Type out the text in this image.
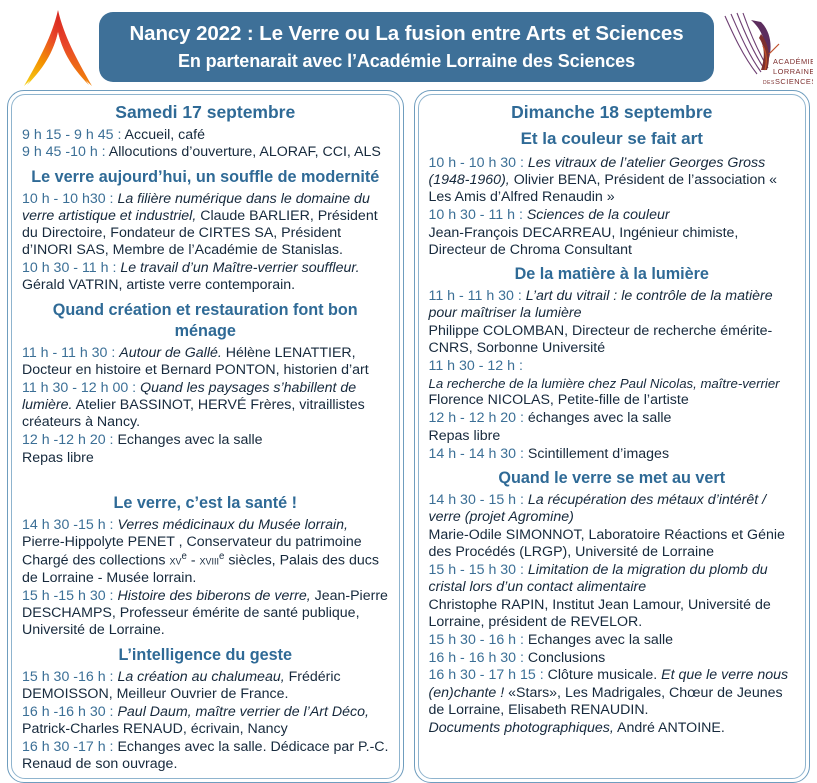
Nancy 2022 : Le Verre ou La fusion entre Arts et Sciences
En partenarait avec l’Académie Lorraine des Sciences	ACADÉMIE
LORRAINE
DES SCIENCES
Samedi 17 septembre
9 h 15 - 9 h 45 : Accueil, café
9 h 45 -10 h : Allocutions d’ouverture, ALORAF, CCI, ALS
Le verre aujourd’hui, un souffle de modernité
10 h - 10 h30 : La filière numérique dans le domaine du verre artistique et industriel, Claude BARLIER, Président du Directoire, Fondateur de CIRTES SA, Président d’INORI SAS, Membre de l’Académie de Stanislas.
10 h 30 - 11 h : Le travail d’un Maître-verrier souffleur. Gérald VATRIN, artiste verre contemporain.
Quand création et restauration font bon ménage
11 h - 11 h 30 : Autour de Gallé. Hélène LENATTIER, Docteur en histoire et Bernard PONTON, historien d’art
11 h 30 - 12 h 00 : Quand les paysages s’habillent de lumière. Atelier BASSINOT, HERVÉ Frères, vitraillistes créateurs à Nancy.
12 h -12 h 20 : Echanges avec la salle
Repas libre
Le verre, c’est la santé !
14 h 30 -15 h : Verres médicinaux du Musée lorrain, Pierre-Hippolyte PENET , Conservateur du patrimoine Chargé des collections $xv^e$ - xviii$^e$ siècles, Palais des ducs de Lorraine - Musée lorrain.
15 h -15 h 30 : Histoire des biberons de verre, Jean-Pierre DESCHAMPS, Professeur émérite de santé publique, Université de Lorraine.
L’intelligence du geste
15 h 30 -16 h : La création au chalumeau, Frédéric DEMOISSON, Meilleur Ouvrier de France.
16 h -16 h 30 : Paul Daum, maître verrier de l’Art Déco, Patrick-Charles RENAUD, écrivain, Nancy
16 h 30 -17 h : Echanges avec la salle. Dédicace par P.-C. Renaud de son ouvrage.
Dimanche 18 septembre
Et la couleur se fait art
10 h - 10 h 30 : Les vitraux de l’atelier Georges Gross (1948-1960), Olivier BENA, Président de l’association « Les Amis d’Alfred Renaudin »
10 h 30 - 11 h : Sciences de la couleur
Jean-François DECARREAU, Ingénieur chimiste, Directeur de Chroma Consultant
De la matière à la lumière
11 h - 11 h 30 : L’art du vitrail : le contrôle de la matière pour maîtriser la lumière
Philippe COLOMBAN, Directeur de recherche émérite-CNRS, Sorbonne Université
11 h 30 - 12 h :
La recherche de la lumière chez Paul Nicolas, maître-verrier
Florence NICOLAS, Petite-fille de l’artiste
12 h - 12 h 20 : échanges avec la salle
Repas libre
14 h - 14 h 30 : Scintillement d’images
Quand le verre se met au vert
14 h 30 - 15 h : La récupération des métaux d’intérêt / verre (projet Agromine)
Marie-Odile SIMONNOT, Laboratoire Réactions et Génie des Procédés (LRGP), Université de Lorraine
15 h - 15 h 30 : Limitation de la migration du plomb du cristal lors d’un contact alimentaire
Christophe RAPIN, Institut Jean Lamour, Université de Lorraine, président de REVELOR.
15 h 30 - 16 h : Echanges avec la salle
16 h - 16 h 30 : Conclusions
16 h 30 - 17 h 15 : Clôture musicale. Et que le verre nous (en)chante ! «Stars», Les Madrigales, Chœur de Jeunes de Lorraine, Elisabeth RENAUDIN.
Documents photographiques, André ANTOINE.
